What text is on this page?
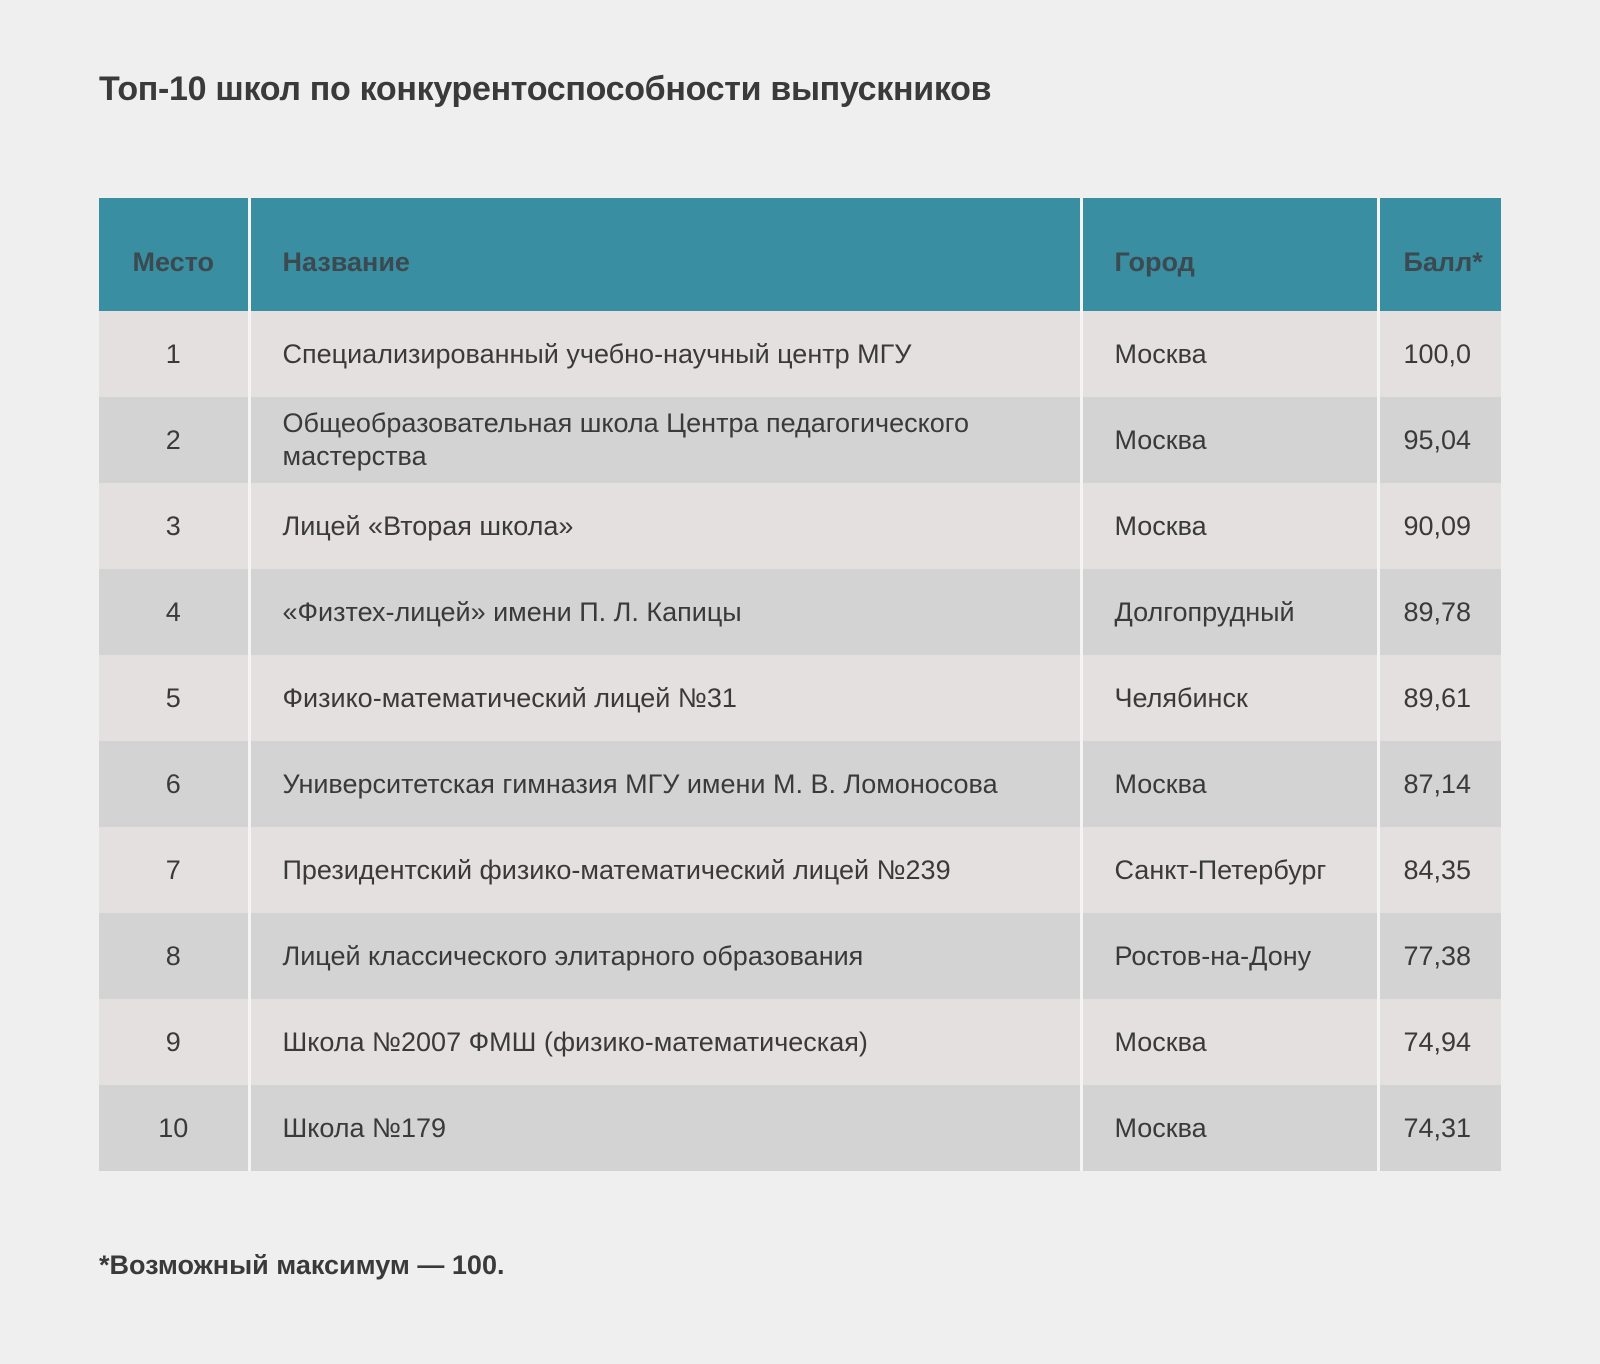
Топ-10 школ по конкурентоспособности выпускников
Место	Название	Город	Балл*
1	Специализированный учебно-научный центр МГУ	Москва	100,0
2	Общеобразовательная школа Центра педагогического мастерства	Москва	95,04
3	Лицей «Вторая школа»	Москва	90,09
4	«Физтех-лицей» имени П. Л. Капицы	Долгопрудный	89,78
5	Физико-математический лицей №31	Челябинск	89,61
6	Университетская гимназия МГУ имени М. В. Ломоносова	Москва	87,14
7	Президентский физико-математический лицей №239	Санкт-Петербург	84,35
8	Лицей классического элитарного образования	Ростов-на-Дону	77,38
9	Школа №2007 ФМШ (физико-математическая)	Москва	74,94
10	Школа №179	Москва	74,31

*Возможный максимум — 100.
